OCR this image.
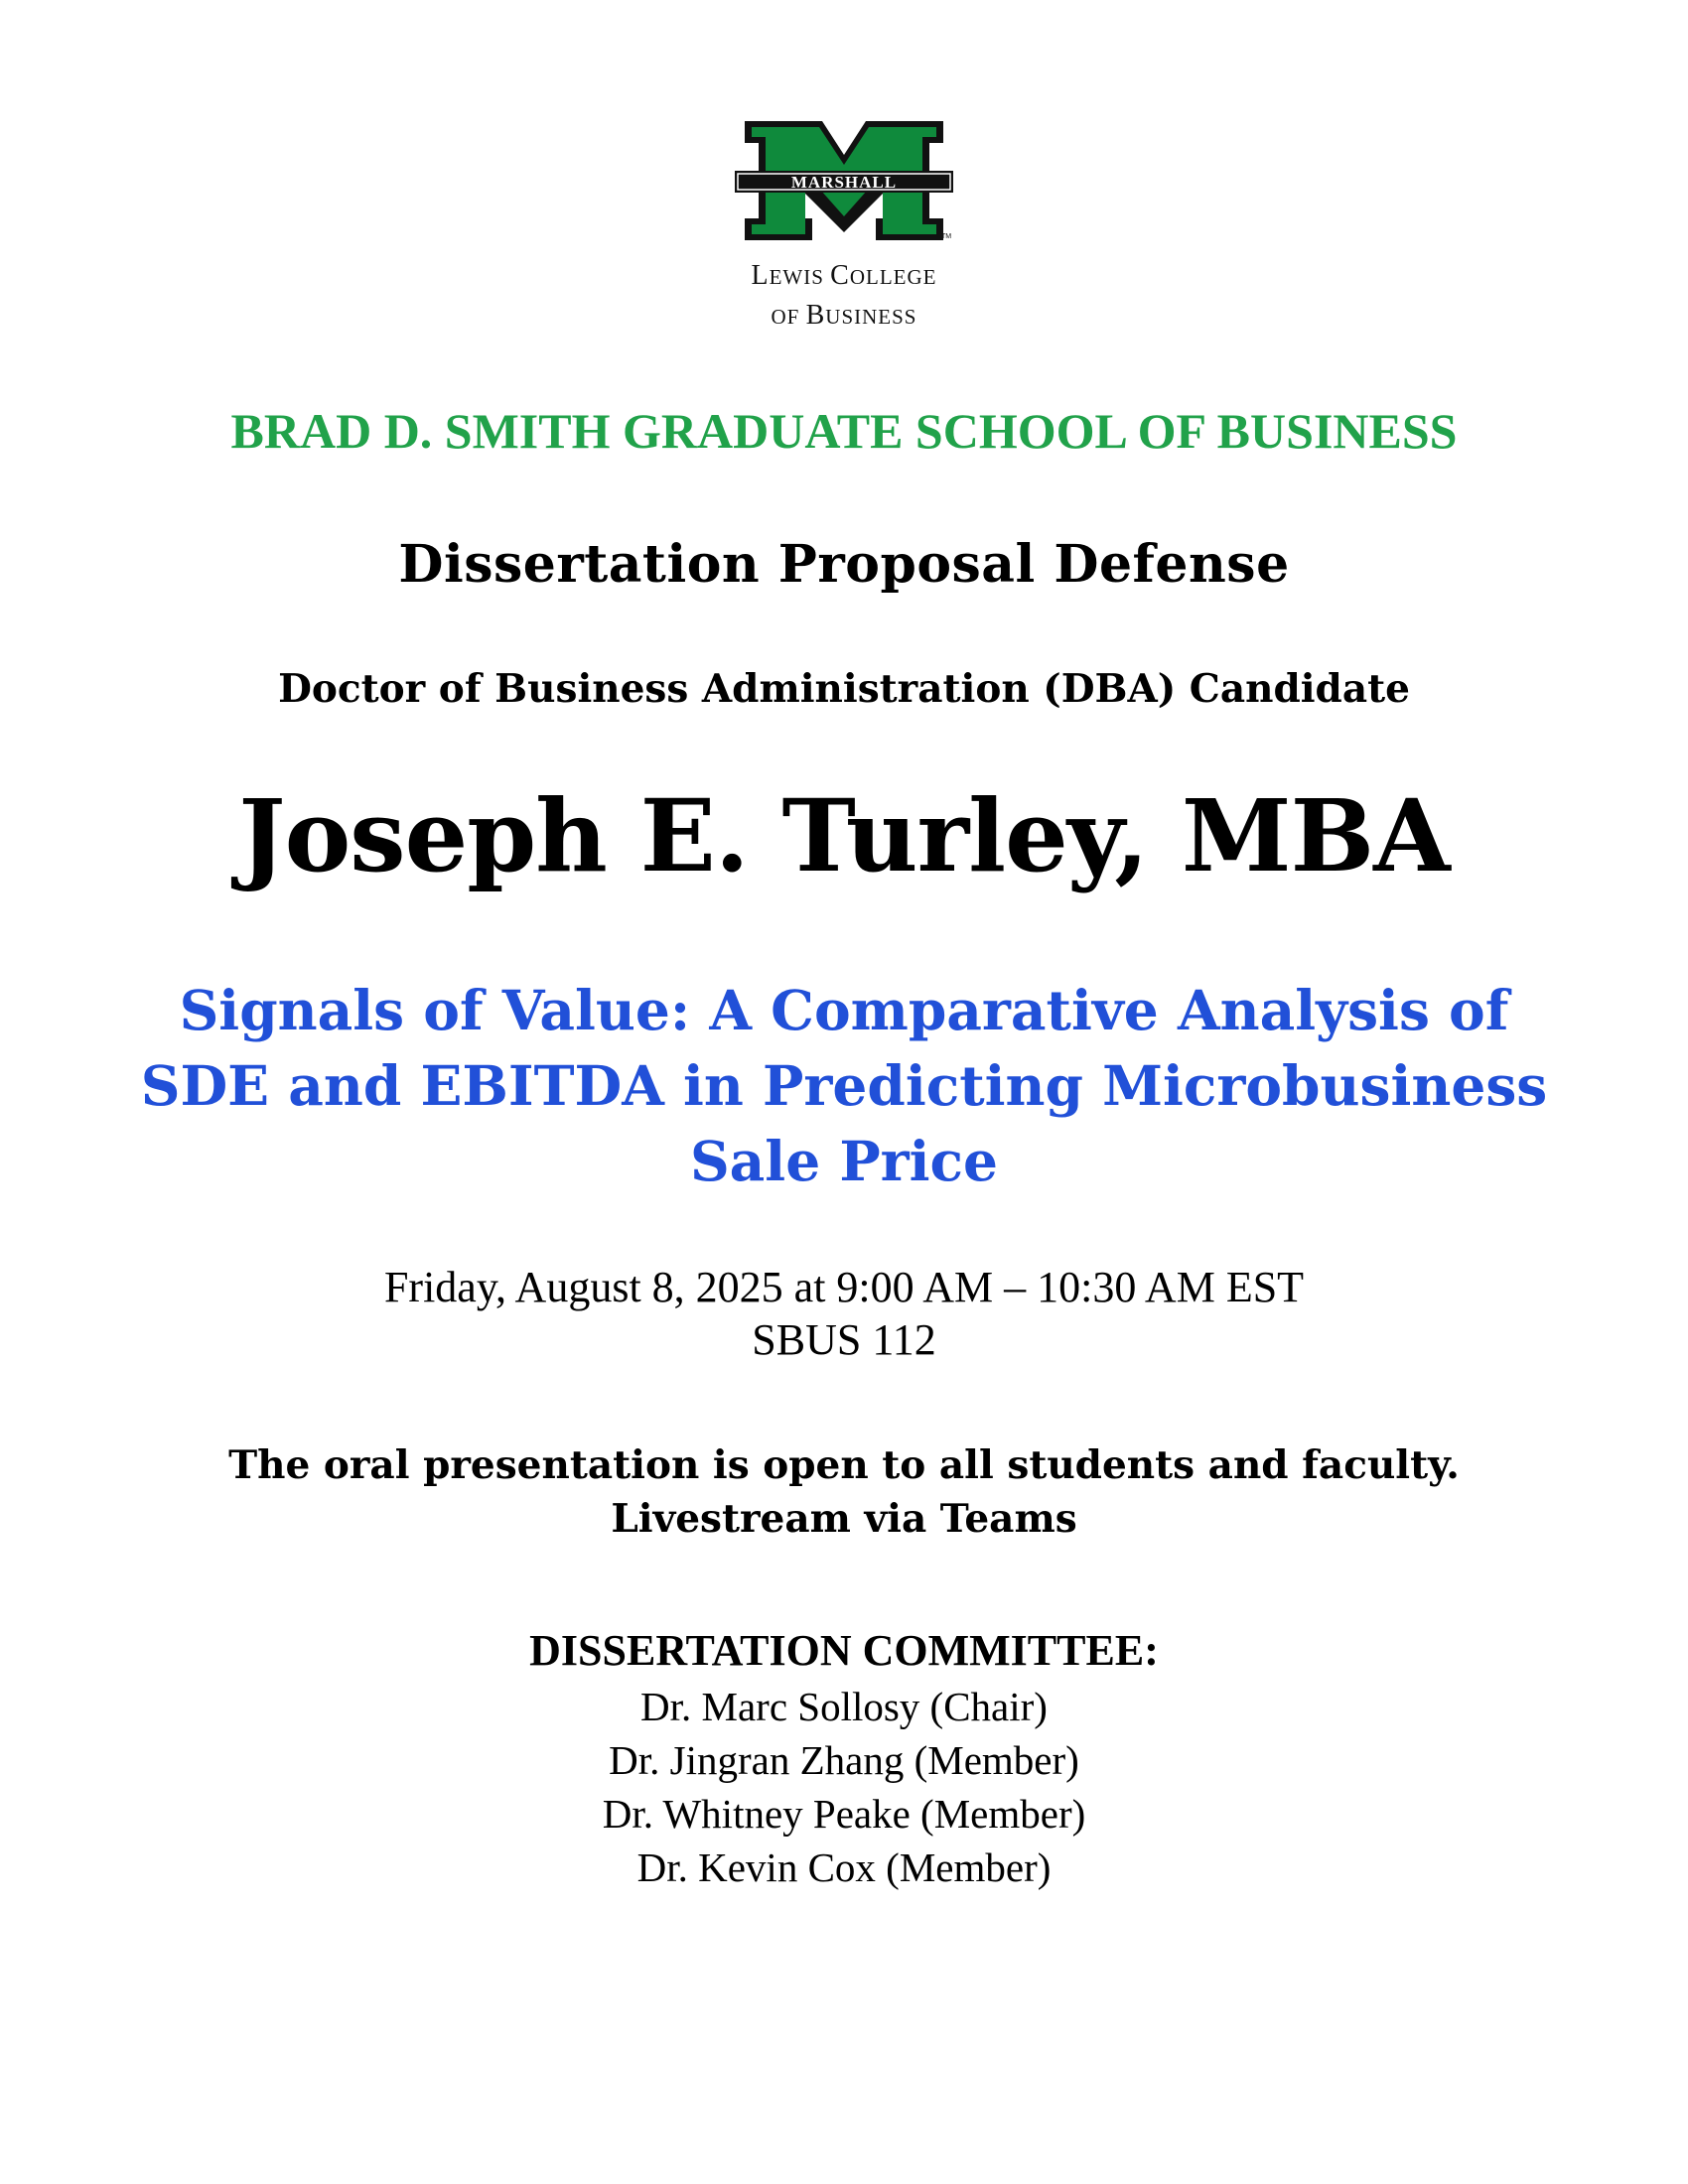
MARSHALL
TM
LEWIS COLLEGE
OF BUSINESS
BRAD D. SMITH GRADUATE SCHOOL OF BUSINESS
Dissertation Proposal Defense
Doctor of Business Administration (DBA) Candidate
Joseph E. Turley, MBA
Signals of Value: A Comparative Analysis of
SDE and EBITDA in Predicting Microbusiness
Sale Price
Friday, August 8, 2025 at 9:00 AM – 10:30 AM EST
SBUS 112
The oral presentation is open to all students and faculty.
Livestream via Teams
DISSERTATION COMMITTEE:
Dr. Marc Sollosy (Chair)
Dr. Jingran Zhang (Member)
Dr. Whitney Peake (Member)
Dr. Kevin Cox (Member)
